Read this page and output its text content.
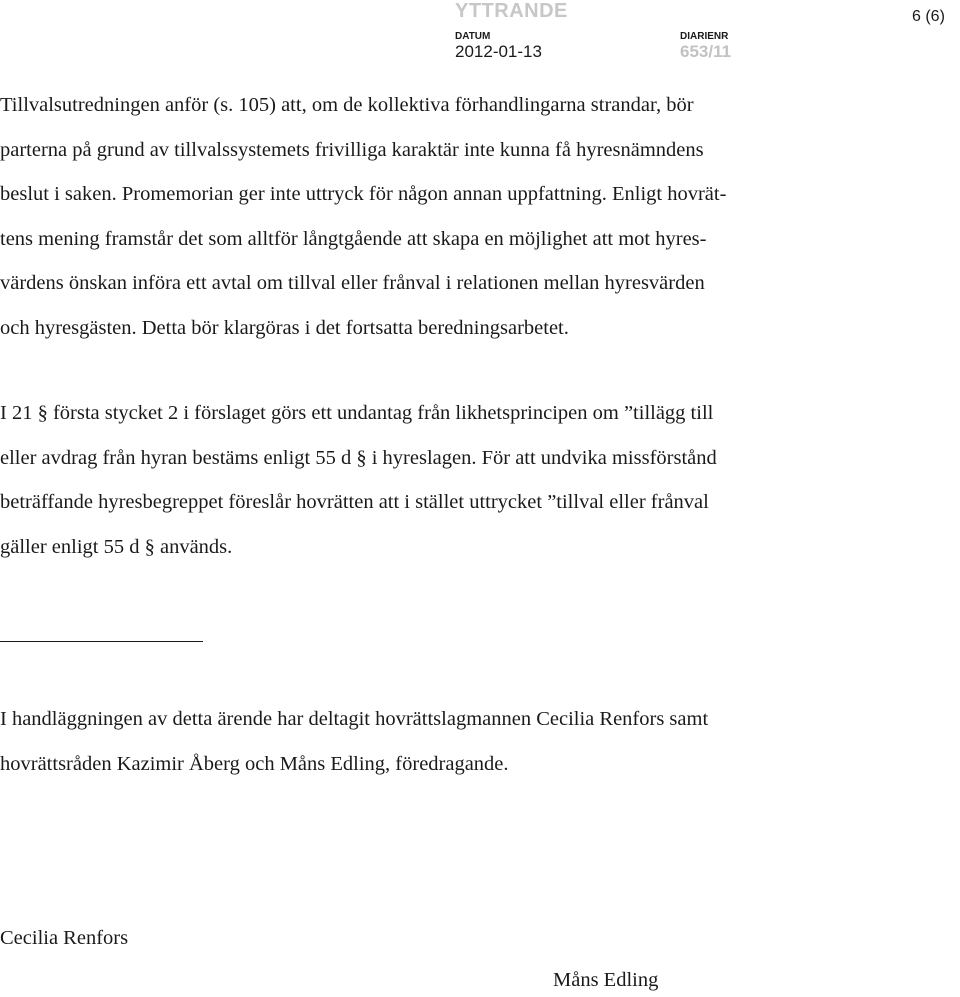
YTTRANDE
DATUM	DIARIENR
2012-01-13	653/11
6 (6)
Tillvalsutredningen anför (s. 105) att, om de kollektiva förhandlingarna strandar, bör
parterna på grund av tillvalssystemets frivilliga karaktär inte kunna få hyresnämndens
beslut i saken. Promemorian ger inte uttryck för någon annan uppfattning. Enligt hovrät-
tens mening framstår det som alltför långtgående att skapa en möjlighet att mot hyres-
värdens önskan införa ett avtal om tillval eller frånval i relationen mellan hyresvärden
och hyresgästen. Detta bör klargöras i det fortsatta beredningsarbetet.
I 21 § första stycket 2 i förslaget görs ett undantag från likhetsprincipen om ”tillägg till
eller avdrag från hyran bestäms enligt 55 d § i hyreslagen. För att undvika missförstånd
beträffande hyresbegreppet föreslår hovrätten att i stället uttrycket ”tillval eller frånval
gäller enligt 55 d § används.
I handläggningen av detta ärende har deltagit hovrättslagmannen Cecilia Renfors samt
hovrättsråden Kazimir Åberg och Måns Edling, föredragande.
Cecilia Renfors
Måns Edling
